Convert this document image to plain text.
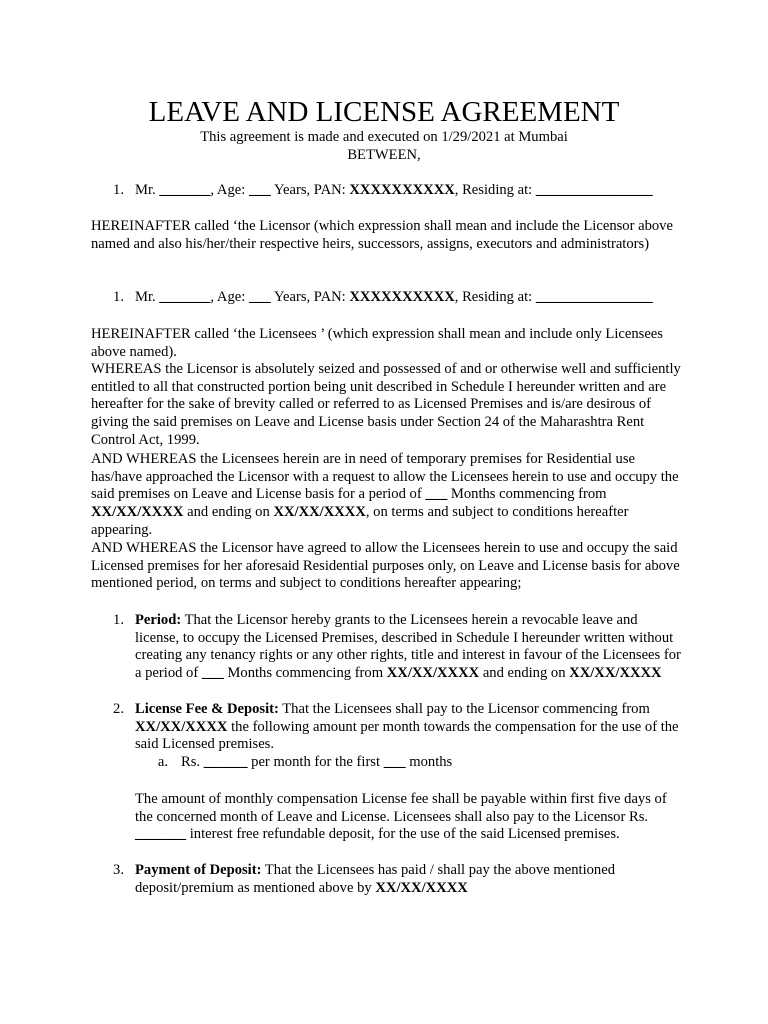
LEAVE AND LICENSE AGREEMENT
This agreement is made and executed on 1/29/2021 at Mumbai
BETWEEN,
1. Mr. _______, Age: ___ Years, PAN: XXXXXXXXXX, Residing at: ________________
HEREINAFTER called ‘the Licensor (which expression shall mean and include the Licensor above named and also his/her/their respective heirs, successors, assigns, executors and administrators)
1. Mr. _______, Age: ___ Years, PAN: XXXXXXXXXX, Residing at: ________________
HEREINAFTER called ‘the Licensees ’ (which expression shall mean and include only Licensees above named).
WHEREAS the Licensor is absolutely seized and possessed of and or otherwise well and sufficiently entitled to all that constructed portion being unit described in Schedule I hereunder written and are hereafter for the sake of brevity called or referred to as Licensed Premises and is/are desirous of giving the said premises on Leave and License basis under Section 24 of the Maharashtra Rent Control Act, 1999.
AND WHEREAS the Licensees herein are in need of temporary premises for Residential use has/have approached the Licensor with a request to allow the Licensees herein to use and occupy the said premises on Leave and License basis for a period of ___ Months commencing from XX/XX/XXXX and ending on XX/XX/XXXX, on terms and subject to conditions hereafter appearing.
AND WHEREAS the Licensor have agreed to allow the Licensees herein to use and occupy the said Licensed premises for her aforesaid Residential purposes only, on Leave and License basis for above mentioned period, on terms and subject to conditions hereafter appearing;
1. Period: That the Licensor hereby grants to the Licensees herein a revocable leave and license, to occupy the Licensed Premises, described in Schedule I hereunder written without creating any tenancy rights or any other rights, title and interest in favour of the Licensees for a period of ___ Months commencing from XX/XX/XXXX and ending on XX/XX/XXXX
2. License Fee & Deposit: That the Licensees shall pay to the Licensor commencing from XX/XX/XXXX the following amount per month towards the compensation for the use of the said Licensed premises.
a. Rs. ______ per month for the first ___ months
The amount of monthly compensation License fee shall be payable within first five days of the concerned month of Leave and License. Licensees shall also pay to the Licensor Rs. _______ interest free refundable deposit, for the use of the said Licensed premises.
3. Payment of Deposit: That the Licensees has paid / shall pay the above mentioned deposit/premium as mentioned above by XX/XX/XXXX
